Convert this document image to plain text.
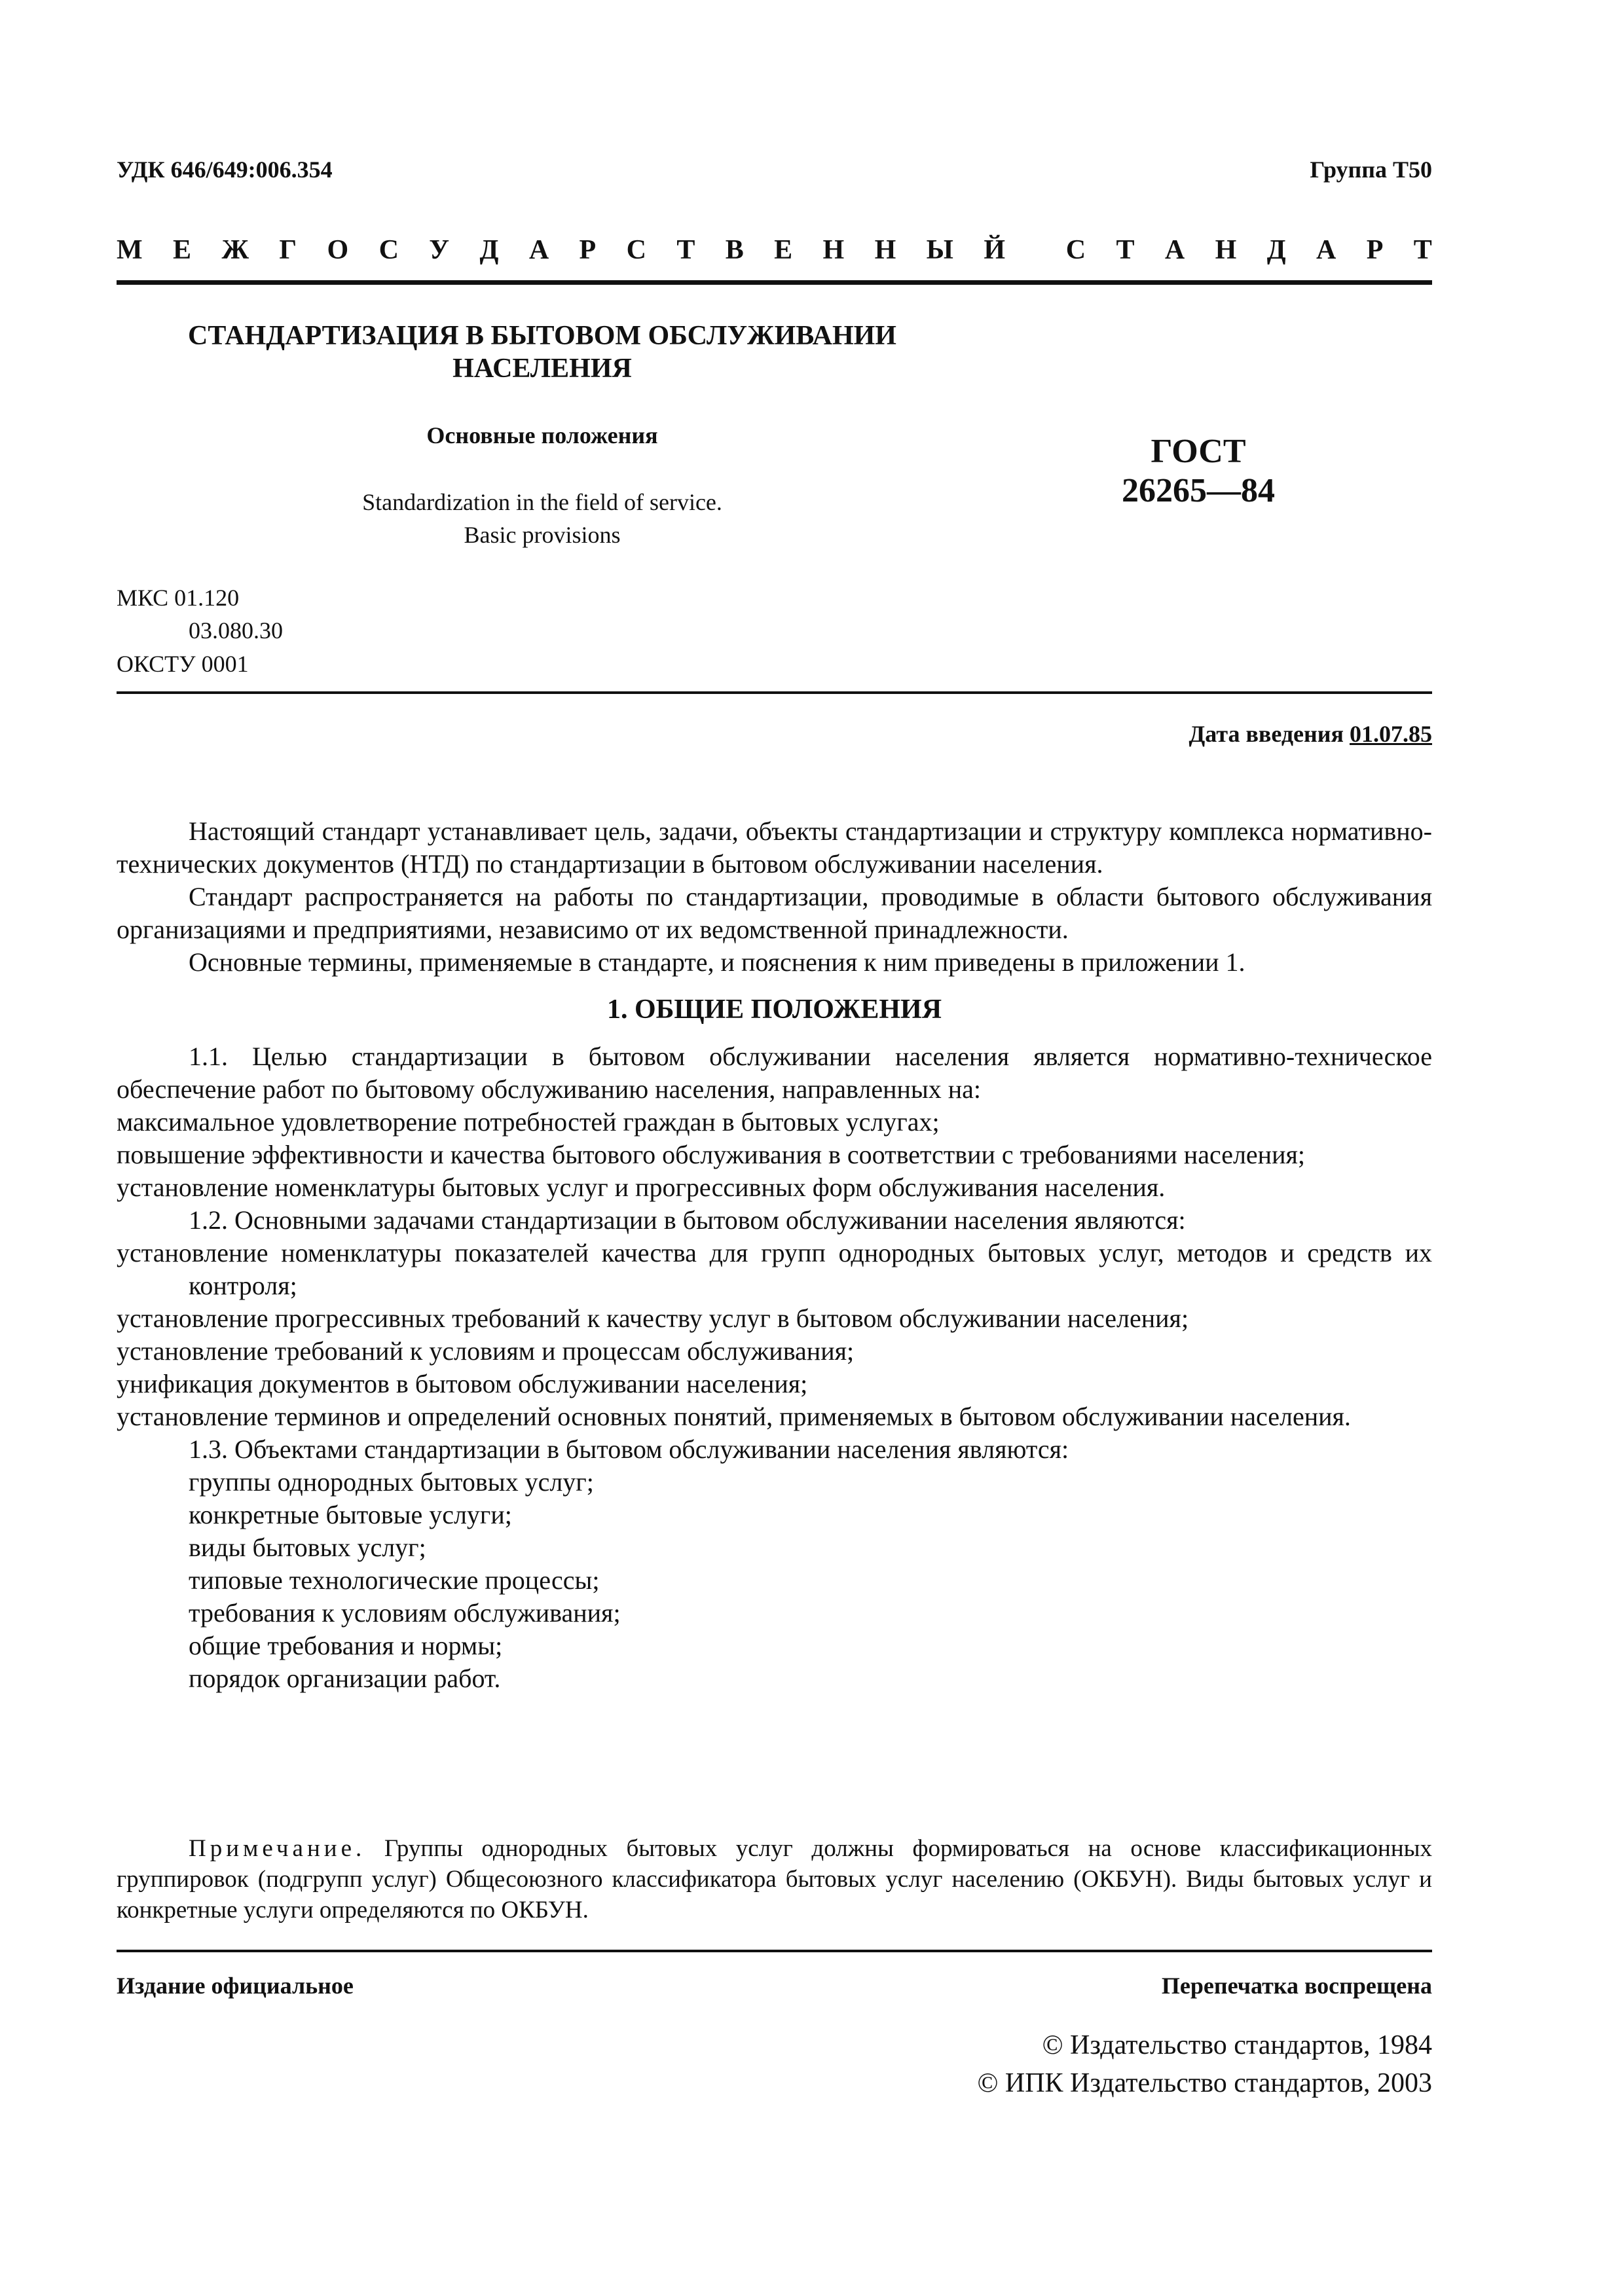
УДК 646/649:006.354	Группа Т50
М Е Ж Г О С У Д А Р С Т В Е Н Н Ы Й С Т А Н Д А Р Т
СТАНДАРТИЗАЦИЯ В БЫТОВОМ ОБСЛУЖИВАНИИ
НАСЕЛЕНИЯ
Основные положения
Standardization in the field of service.
Basic provisions
ГОСТ
26265—84
МКС 01.120
03.080.30
ОКСТУ 0001
Дата введения 01.07.85

Настоящий стандарт устанавливает цель, задачи, объекты стандартизации и структуру комплекса нормативно-технических документов (НТД) по стандартизации в бытовом обслуживании населения.

Стандарт распространяется на работы по стандартизации, проводимые в области бытового обслуживания организациями и предприятиями, независимо от их ведомственной принадлежности.

Основные термины, применяемые в стандарте, и пояснения к ним приведены в приложении 1.

1. ОБЩИЕ ПОЛОЖЕНИЯ

1.1. Целью стандартизации в бытовом обслуживании населения является нормативно-техническое обеспечение работ по бытовому обслуживанию населения, направленных на:

максимальное удовлетворение потребностей граждан в бытовых услугах;

повышение эффективности и качества бытового обслуживания в соответствии с требованиями населения;

установление номенклатуры бытовых услуг и прогрессивных форм обслуживания населения.

1.2. Основными задачами стандартизации в бытовом обслуживании населения являются:

установление номенклатуры показателей качества для групп однородных бытовых услуг, методов и средств их контроля;

установление прогрессивных требований к качеству услуг в бытовом обслуживании населения;

установление требований к условиям и процессам обслуживания;

унификация документов в бытовом обслуживании населения;

установление терминов и определений основных понятий, применяемых в бытовом обслуживании населения.

1.3. Объектами стандартизации в бытовом обслуживании населения являются:

группы однородных бытовых услуг;

конкретные бытовые услуги;

виды бытовых услуг;

типовые технологические процессы;

требования к условиям обслуживания;

общие требования и нормы;

порядок организации работ.

Примечание. Группы однородных бытовых услуг должны формироваться на основе классификационных группировок (подгрупп услуг) Общесоюзного классификатора бытовых услуг населению (ОКБУН). Виды бытовых услуг и конкретные услуги определяются по ОКБУН.
Издание официальное	Перепечатка воспрещена
© Издательство стандартов, 1984
© ИПК Издательство стандартов, 2003
